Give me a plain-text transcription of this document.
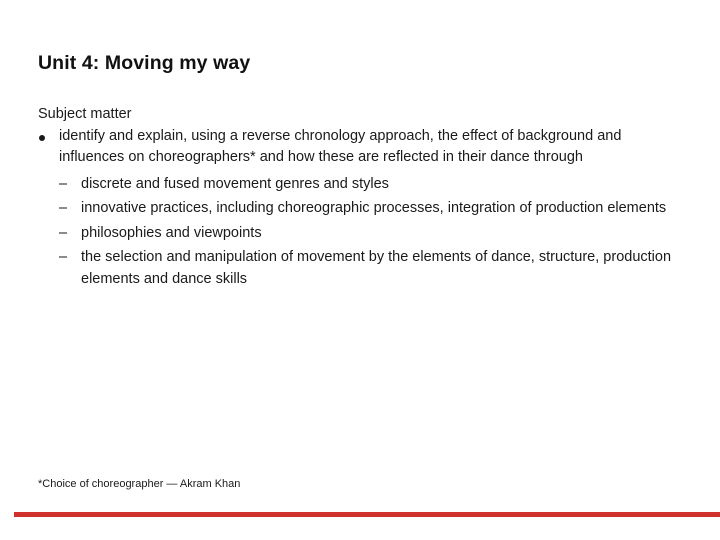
Unit 4: Moving my way

Subject matter

identify and explain, using a reverse chronology approach, the effect of background and influences on choreographers* and how these are reflected in their dance through
– discrete and fused movement genres and styles
– innovative practices, including choreographic processes, integration of production elements
– philosophies and viewpoints
– the selection and manipulation of movement by the elements of dance, structure, production elements and dance skills

*Choice of choreographer — Akram Khan
